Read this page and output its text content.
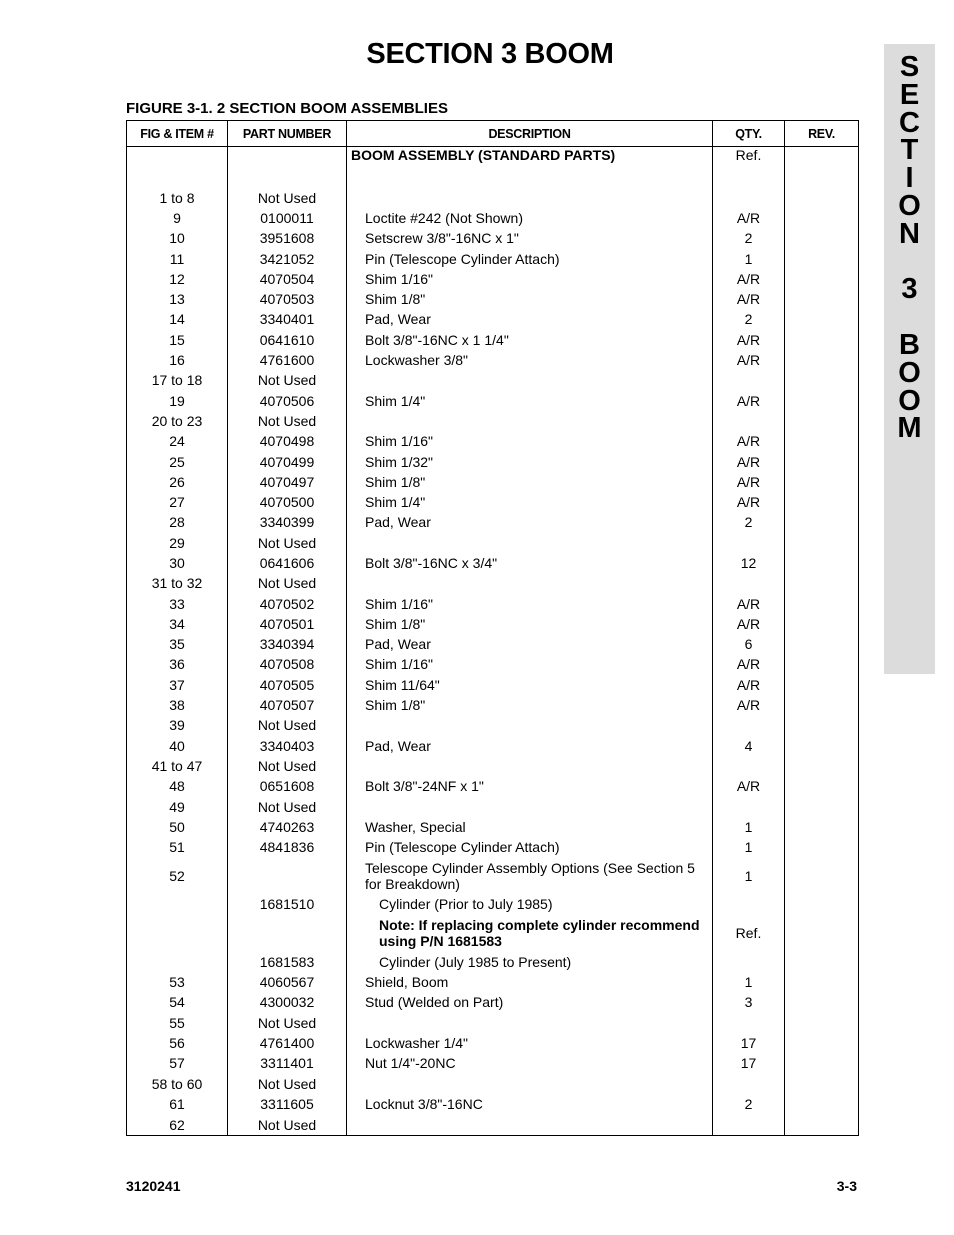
SECTION 3 BOOM	S
E
C
T
I
O
N
3
B
O
O
M
FIGURE 3-1. 2 SECTION BOOM ASSEMBLIES
FIG & ITEM #	PART NUMBER	DESCRIPTION	QTY.	REV.
		BOOM ASSEMBLY (STANDARD PARTS)	Ref.	
1 to 8	Not Used			
9	0100011	Loctite #242 (Not Shown)	A/R	
10	3951608	Setscrew 3/8"-16NC x 1"	2	
11	3421052	Pin (Telescope Cylinder Attach)	1	
12	4070504	Shim 1/16"	A/R	
13	4070503	Shim 1/8"	A/R	
14	3340401	Pad, Wear	2	
15	0641610	Bolt 3/8"-16NC x 1 1/4"	A/R	
16	4761600	Lockwasher 3/8"	A/R	
17 to 18	Not Used			
19	4070506	Shim 1/4"	A/R	
20 to 23	Not Used			
24	4070498	Shim 1/16"	A/R	
25	4070499	Shim 1/32"	A/R	
26	4070497	Shim 1/8"	A/R	
27	4070500	Shim 1/4"	A/R	
28	3340399	Pad, Wear	2	
29	Not Used			
30	0641606	Bolt 3/8"-16NC x 3/4"	12	
31 to 32	Not Used			
33	4070502	Shim 1/16"	A/R	
34	4070501	Shim 1/8"	A/R	
35	3340394	Pad, Wear	6	
36	4070508	Shim 1/16"	A/R	
37	4070505	Shim 11/64"	A/R	
38	4070507	Shim 1/8"	A/R	
39	Not Used			
40	3340403	Pad, Wear	4	
41 to 47	Not Used			
48	0651608	Bolt 3/8"-24NF x 1"	A/R	
49	Not Used			
50	4740263	Washer, Special	1	
51	4841836	Pin (Telescope Cylinder Attach)	1	
52		Telescope Cylinder Assembly Options (See Section 5 for Breakdown)	1	
	1681510	Cylinder (Prior to July 1985)		
		Note: If replacing complete cylinder recommend using P/N 1681583	Ref.	
	1681583	Cylinder (July 1985 to Present)		
53	4060567	Shield, Boom	1	
54	4300032	Stud (Welded on Part)	3	
55	Not Used			
56	4761400	Lockwasher 1/4"	17	
57	3311401	Nut 1/4"-20NC	17	
58 to 60	Not Used			
61	3311605	Locknut 3/8"-16NC	2	
62	Not Used			
3120241	3-3
